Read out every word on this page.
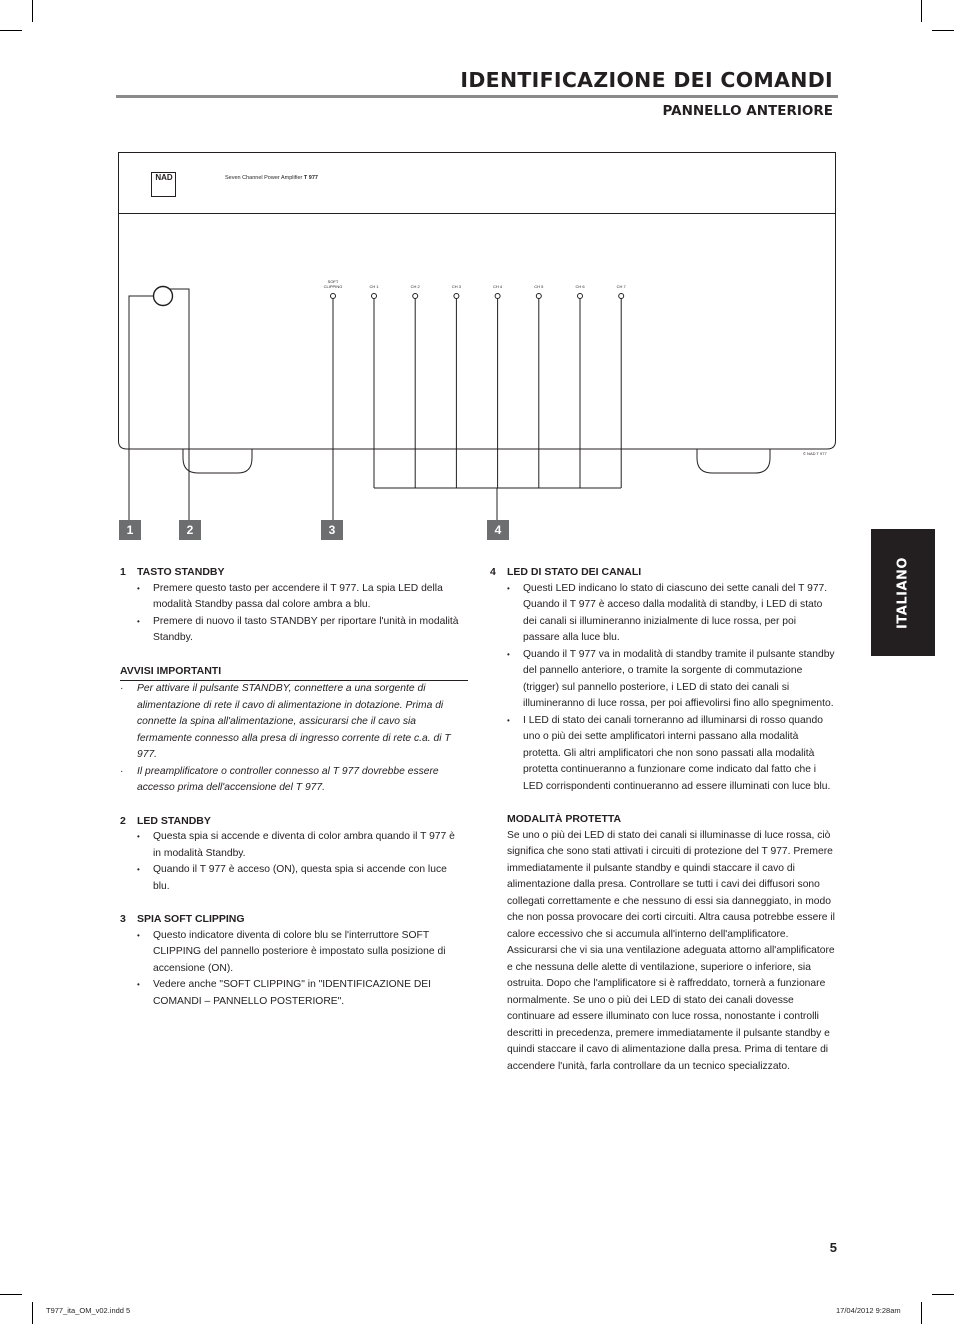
IDENTIFICAZIONE DEI COMANDI
PANNELLO ANTERIORE
ITALIANO
© NAD T 977
NAD	Seven Channel Power Amplifier T 977
SOFT CLIPPING	CH 1	CH 2	CH 3	CH 4	CH 5	CH 6	CH 7
1	2	3	4

1	TASTO STANDBY

• Premere questo tasto per accendere il T 977. La spia LED della modalità Standby passa dal colore ambra a blu.
• Premere di nuovo il tasto STANDBY per riportare l'unità in modalità Standby.

AVVISI IMPORTANTI

· Per attivare il pulsante STANDBY, connettere a una sorgente di alimentazione di rete il cavo di alimentazione in dotazione. Prima di connette la spina all'alimentazione, assicurarsi che il cavo sia fermamente connesso alla presa di ingresso corrente di rete c.a. di T 977.
· Il preamplificatore o controller connesso al T 977 dovrebbe essere accesso prima dell'accensione del T 977.

2	LED STANDBY

• Questa spia si accende e diventa di color ambra quando il T 977 è in modalità Standby.
• Quando il T 977 è acceso (ON), questa spia si accende con luce blu.

3	SPIA SOFT CLIPPING

• Questo indicatore diventa di colore blu se l'interruttore SOFT CLIPPING del pannello posteriore è impostato sulla posizione di accensione (ON).
• Vedere anche "SOFT CLIPPING" in "IDENTIFICAZIONE DEI COMANDI – PANNELLO POSTERIORE".

4	LED DI STATO DEI CANALI

• Questi LED indicano lo stato di ciascuno dei sette canali del T 977. Quando il T 977 è acceso dalla modalità di standby, i LED di stato dei canali si illumineranno inizialmente di luce rossa, per poi passare alla luce blu.
• Quando il T 977 va in modalità di standby tramite il pulsante standby del pannello anteriore, o tramite la sorgente di commutazione (trigger) sul pannello posteriore, i LED di stato dei canali si illumineranno di luce rossa, per poi affievolirsi fino allo spegnimento.
• I LED di stato dei canali torneranno ad illuminarsi di rosso quando uno o più dei sette amplificatori interni passano alla modalità protetta. Gli altri amplificatori che non sono passati alla modalità protetta continueranno a funzionare come indicato dal fatto che i LED corrispondenti continueranno ad essere illuminati con luce blu.

MODALITÀ PROTETTA

Se uno o più dei LED di stato dei canali si illuminasse di luce rossa, ciò significa che sono stati attivati i circuiti di protezione del T 977. Premere immediatamente il pulsante standby e quindi staccare il cavo di alimentazione dalla presa. Controllare se tutti i cavi dei diffusori sono collegati correttamente e che nessuno di essi sia danneggiato, in modo che non possa provocare dei corti circuiti. Altra causa potrebbe essere il calore eccessivo che si accumula all'interno dell'amplificatore. Assicurarsi che vi sia una ventilazione adeguata attorno all'amplificatore e che nessuna delle alette di ventilazione, superiore o inferiore, sia ostruita. Dopo che l'amplificatore si è raffreddato, tornerà a funzionare normalmente. Se uno o più dei LED di stato dei canali dovesse continuare ad essere illuminato con luce rossa, nonostante i controlli descritti in precedenza, premere immediatamente il pulsante standby e quindi staccare il cavo di alimentazione dalla presa. Prima di tentare di accendere l'unità, farla controllare da un tecnico specializzato.

5
T977_ita_OM_v02.indd 5	17/04/2012 9:28am
